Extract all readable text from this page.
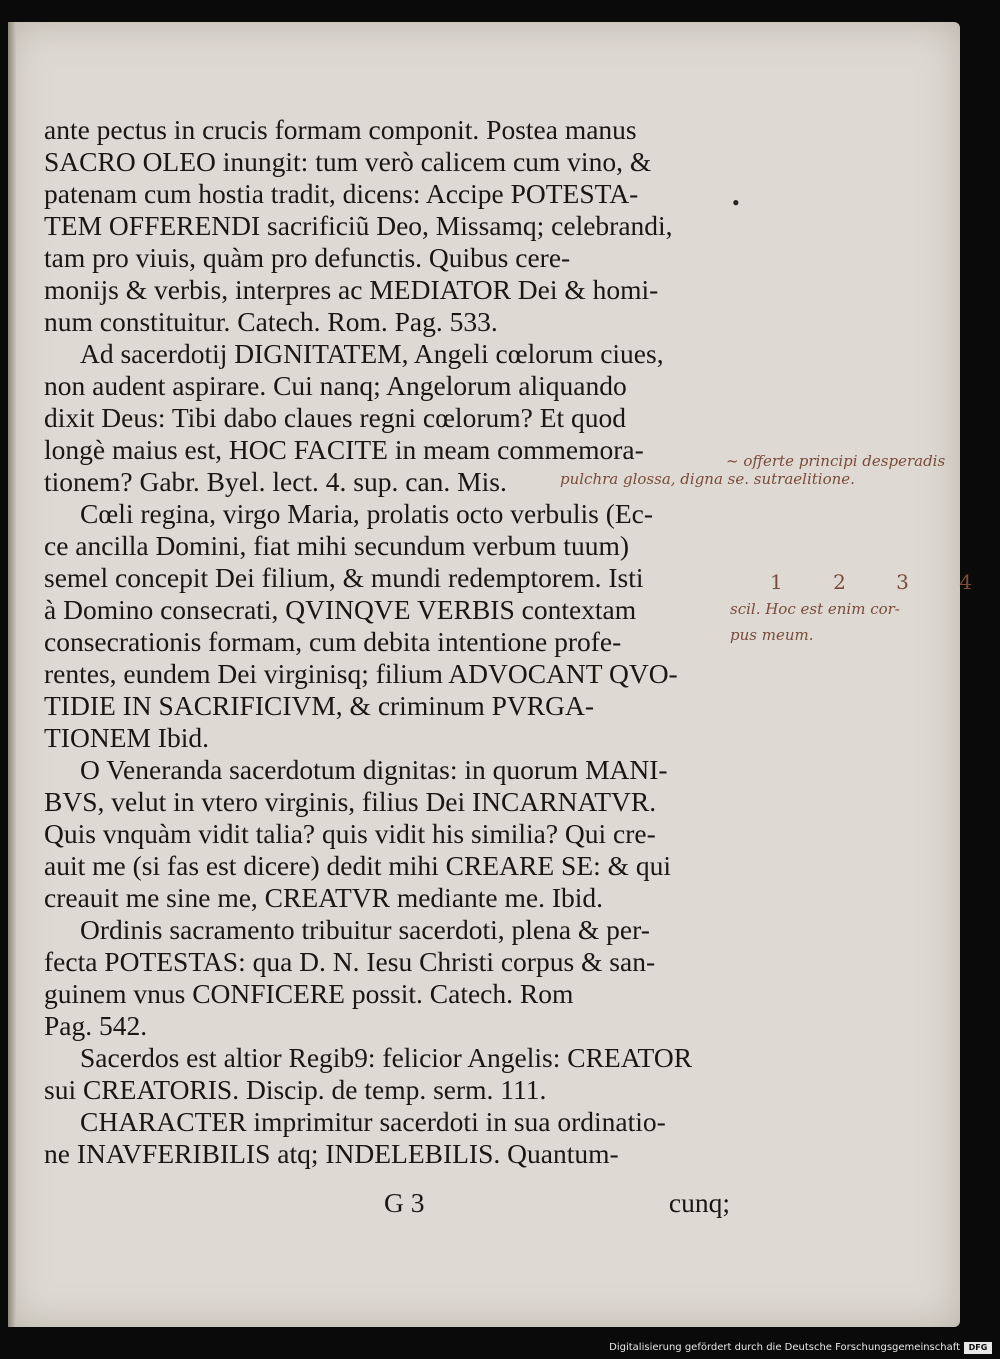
ante pectus in crucis formam componit. Postea manus
SACRO OLEO inungit: tum verò calicem cum vino, &
patenam cum hostia tradit, dicens: Accipe POTESTA-
TEM OFFERENDI sacrificiũ Deo, Missamq; celebrandi,
tam pro viuis, quàm pro defunctis. Quibus cere-
monijs & verbis, interpres ac MEDIATOR Dei & homi-
num constituitur. Catech. Rom. Pag. 533.
Ad sacerdotij DIGNITATEM, Angeli cœlorum ciues,
non audent aspirare. Cui nanq; Angelorum aliquando
dixit Deus: Tibi dabo claues regni cœlorum? Et quod
longè maius est, HOC FACITE in meam commemora-
tionem? Gabr. Byel. lect. 4. sup. can. Mis.
Cœli regina, virgo Maria, prolatis octo verbulis (Ec-
ce ancilla Domini, fiat mihi secundum verbum tuum)
semel concepit Dei filium, & mundi redemptorem. Isti
à Domino consecrati, QVINQVE VERBIS contextam
consecrationis formam, cum debita intentione profe-
rentes, eundem Dei virginisq; filium ADVOCANT QVO-
TIDIE IN SACRIFICIVM, & criminum PVRGA-
TIONEM Ibid.
O Veneranda sacerdotum dignitas: in quorum MANI-
BVS, velut in vtero virginis, filius Dei INCARNATVR.
Quis vnquàm vidit talia? quis vidit his similia? Qui cre-
auit me (si fas est dicere) dedit mihi CREARE SE: & qui
creauit me sine me, CREATVR mediante me. Ibid.
Ordinis sacramento tribuitur sacerdoti, plena & per-
fecta POTESTAS: qua D. N. Iesu Christi corpus & san-
guinem vnus CONFICERE possit. Catech. Rom
Pag. 542.
Sacerdos est altior Regib9: felicior Angelis: CREATOR
sui CREATORIS. Discip. de temp. serm. 111.
CHARACTER imprimitur sacerdoti in sua ordinatio-
ne INAVFERIBILIS atq; INDELEBILIS. Quantum-
G 3	cunq;
•
~ offerte principi desperadis
pulchra glossa, digna se. sutraelitione.
1 2 3 4
scil. Hoc est enim cor-
pus meum.
Digitalisierung gefördert durch die Deutsche Forschungsgemeinschaft	DFG
